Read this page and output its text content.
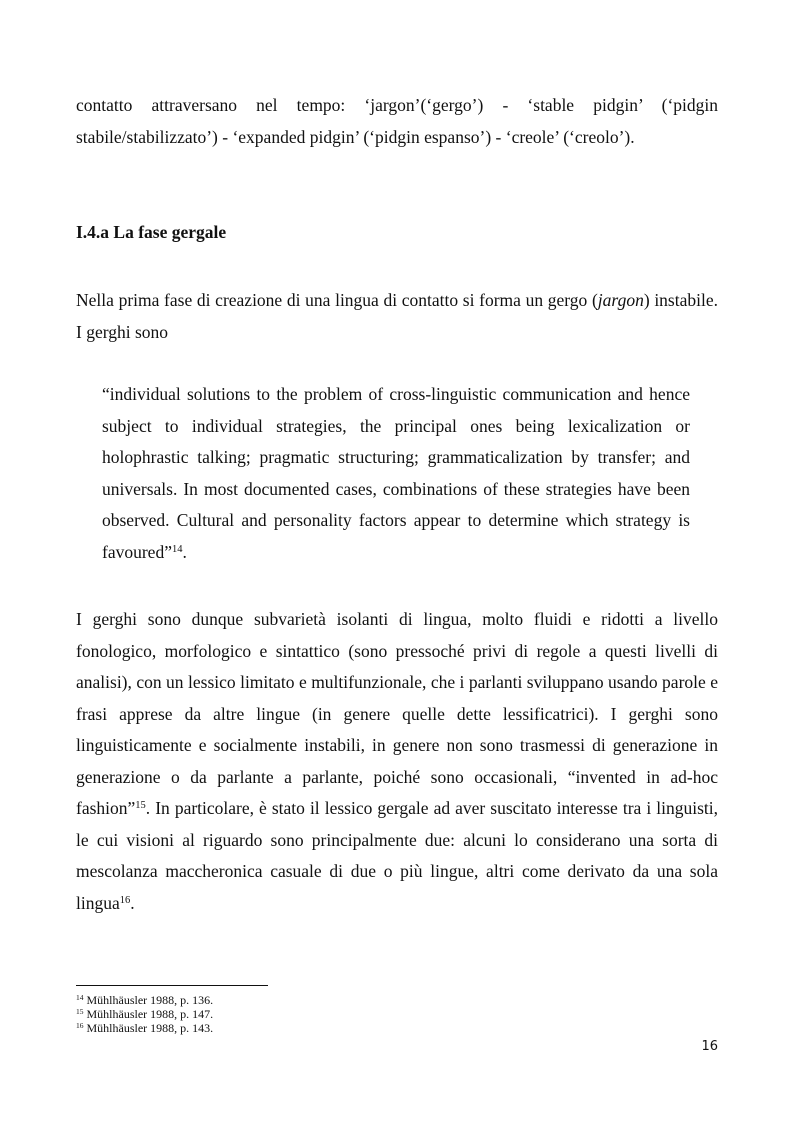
contatto attraversano nel tempo: ‘jargon’(‘gergo’) - ‘stable pidgin’ (‘pidgin stabile/stabilizzato’) - ‘expanded pidgin’ (‘pidgin espanso’) - ‘creole’ (‘creolo’).

I.4.a La fase gergale

Nella prima fase di creazione di una lingua di contatto si forma un gergo (jargon) instabile. I gerghi sono

“individual solutions to the problem of cross-linguistic communication and hence subject to individual strategies, the principal ones being lexicalization or holophrastic talking; pragmatic structuring; grammaticalization by transfer; and universals. In most documented cases, combinations of these strategies have been observed. Cultural and personality factors appear to determine which strategy is favoured”$^{14}$.

I gerghi sono dunque subvarietà isolanti di lingua, molto fluidi e ridotti a livello fonologico, morfologico e sintattico (sono pressoché privi di regole a questi livelli di analisi), con un lessico limitato e multifunzionale, che i parlanti sviluppano usando parole e frasi apprese da altre lingue (in genere quelle dette lessificatrici). I gerghi sono linguisticamente e socialmente instabili, in genere non sono trasmessi di generazione in generazione o da parlante a parlante, poiché sono occasionali, “invented in ad-hoc fashion”$^{15}$. In particolare, è stato il lessico gergale ad aver suscitato interesse tra i linguisti, le cui visioni al riguardo sono principalmente due: alcuni lo considerano una sorta di mescolanza maccheronica casuale di due o più lingue, altri come derivato da una sola lingua$^{16}$.

$^{14}$ Mühlhäusler 1988, p. 136.
$^{15}$ Mühlhäusler 1988, p. 147.
$^{16}$ Mühlhäusler 1988, p. 143.
16
